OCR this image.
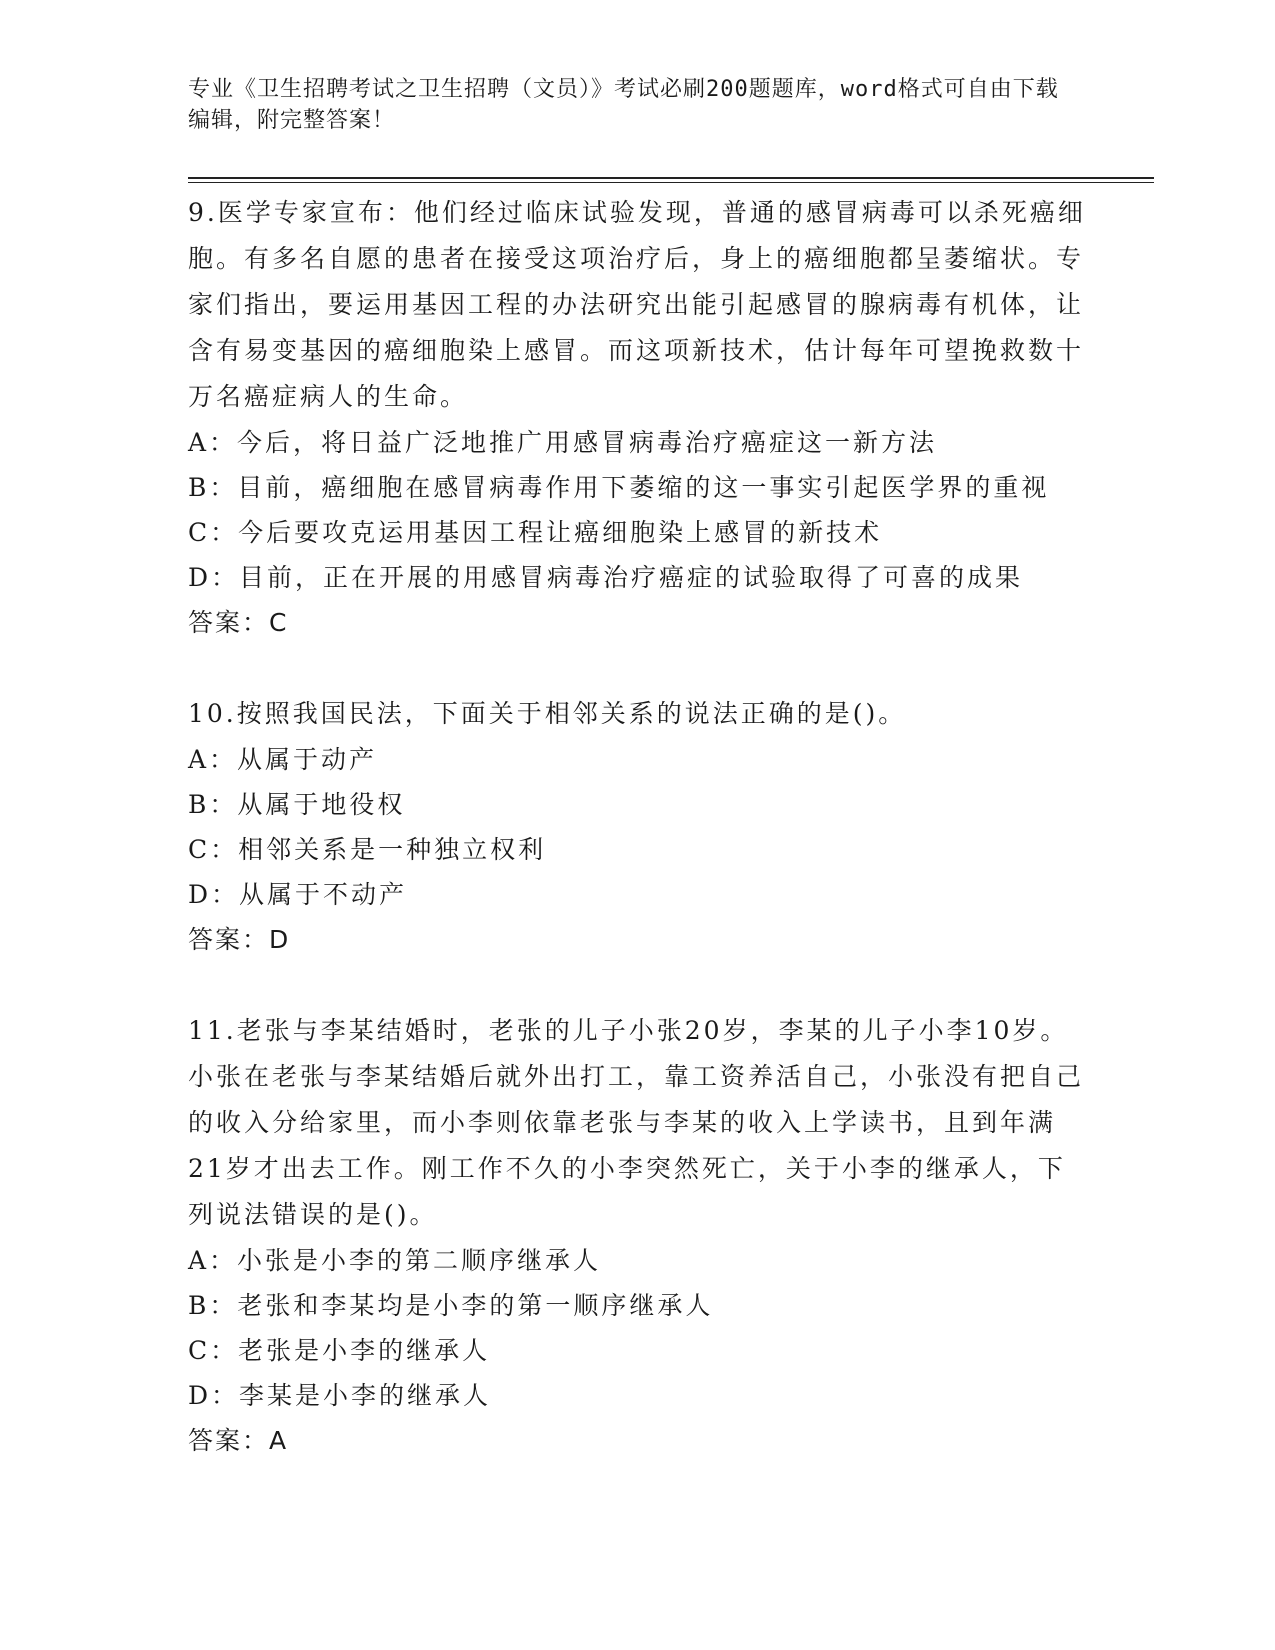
专业《卫生招聘考试之卫生招聘（文员）》考试必刷200题题库，word格式可自由下载编辑，附完整答案！

9.医学专家宣布：他们经过临床试验发现，普通的感冒病毒可以杀死癌细胞。有多名自愿的患者在接受这项治疗后，身上的癌细胞都呈萎缩状。专家们指出，要运用基因工程的办法研究出能引起感冒的腺病毒有机体，让含有易变基因的癌细胞染上感冒。而这项新技术，估计每年可望挽救数十万名癌症病人的生命。

A：今后，将日益广泛地推广用感冒病毒治疗癌症这一新方法

B：目前，癌细胞在感冒病毒作用下萎缩的这一事实引起医学界的重视

C：今后要攻克运用基因工程让癌细胞染上感冒的新技术

D：目前，正在开展的用感冒病毒治疗癌症的试验取得了可喜的成果

答案：C

10.按照我国民法，下面关于相邻关系的说法正确的是()。

A：从属于动产

B：从属于地役权

C：相邻关系是一种独立权利

D：从属于不动产

答案：D

11.老张与李某结婚时，老张的儿子小张20岁，李某的儿子小李10岁。小张在老张与李某结婚后就外出打工，靠工资养活自己，小张没有把自己的收入分给家里，而小李则依靠老张与李某的收入上学读书，且到年满21岁才出去工作。刚工作不久的小李突然死亡，关于小李的继承人，下列说法错误的是()。

A：小张是小李的第二顺序继承人

B：老张和李某均是小李的第一顺序继承人

C：老张是小李的继承人

D：李某是小李的继承人

答案：A
